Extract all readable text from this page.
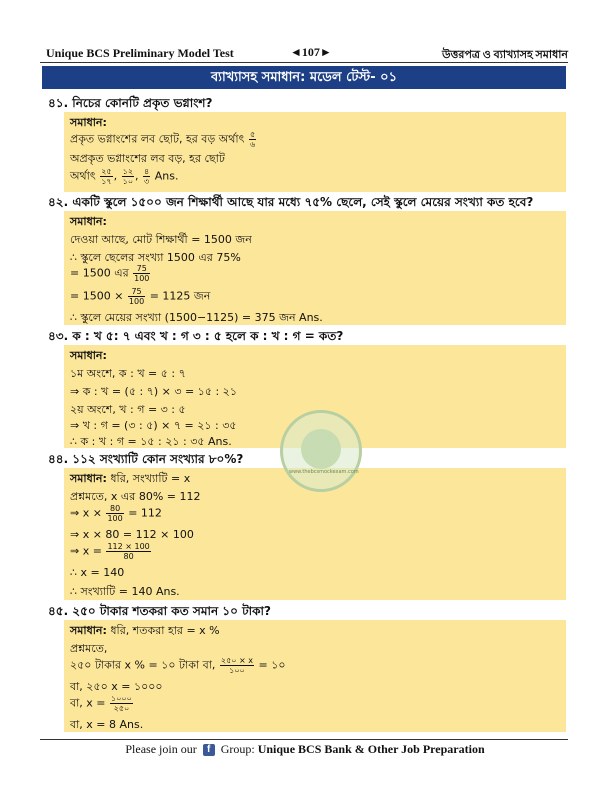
Unique BCS Preliminary Model Test	◄107►	উত্তরপত্র ও ব্যাখ্যাসহ সমাধান
ব্যাখ্যাসহ সমাধান: মডেল টেস্ট- ০১
৪১. নিচের কোনটি প্রকৃত ভগ্নাংশ?
সমাধান:
প্রকৃত ভগ্নাংশের লব ছোট, হর বড় অর্থাৎ $\frac{৫}{৬}$
অপ্রকৃত ভগ্নাংশের লব বড়, হর ছোট
অর্থাৎ $\frac{২৫}{১৭}$ , $\frac{১২}{১০}$ , $\frac{৪}{৩}$ Ans.
৪২. একটি স্কুলে ১৫০০ জন শিক্ষার্থী আছে যার মধ্যে ৭৫% ছেলে, সেই স্কুলে মেয়ের সংখ্যা কত হবে?
সমাধান:
দেওয়া আছে, মোট শিক্ষার্থী = 1500 জন
∴ স্কুলে ছেলের সংখ্যা 1500 এর 75%
= 1500 এর $\frac{75}{100}$
= $1500 \times \frac{75}{100} = 1125$ জন
∴ স্কুলে মেয়ের সংখ্যা (1500−1125) = 375 জন Ans.
৪৩. ক : খ ৫: ৭ এবং খ : গ ৩ : ৫ হলে ক : খ : গ = কত?
সমাধান:
১ম অংশে, ক : খ = ৫ : ৭
⇒ ক : খ = (৫ : ৭) × ৩ = ১৫ : ২১
২য় অংশে, খ : গ = ৩ : ৫
⇒ খ : গ = (৩ : ৫) × ৭ = ২১ : ৩৫
∴ ক : খ : গ = ১৫ : ২১ : ৩৫ Ans.
৪৪. ১১২ সংখ্যাটি কোন সংখ্যার ৮০%?
সমাধান: ধরি, সংখ্যাটি = x
প্রশ্নমতে, x এর 80% = 112
⇒ $x \times \frac{80}{100} = 112$
⇒ x × 80 = 112 × 100
⇒ $x = \frac{112 \times 100}{80}$
∴ x = 140
∴ সংখ্যাটি = 140 Ans.
৪৫. ২৫০ টাকার শতকরা কত সমান ১০ টাকা?
সমাধান: ধরি, শতকরা হার = x %
প্রশ্নমতে,
২৫০ টাকার x % = ১০ টাকা বা, $\frac{২৫০ \times x}{১০০}$ = ১০
বা, ২৫০ x = ১০০০
বা, $x = \frac{১০০০}{২৫০}$
বা, x = 8 Ans.
www.thebcsmockexam.com
Please join our f Group: Unique BCS Bank & Other Job Preparation
